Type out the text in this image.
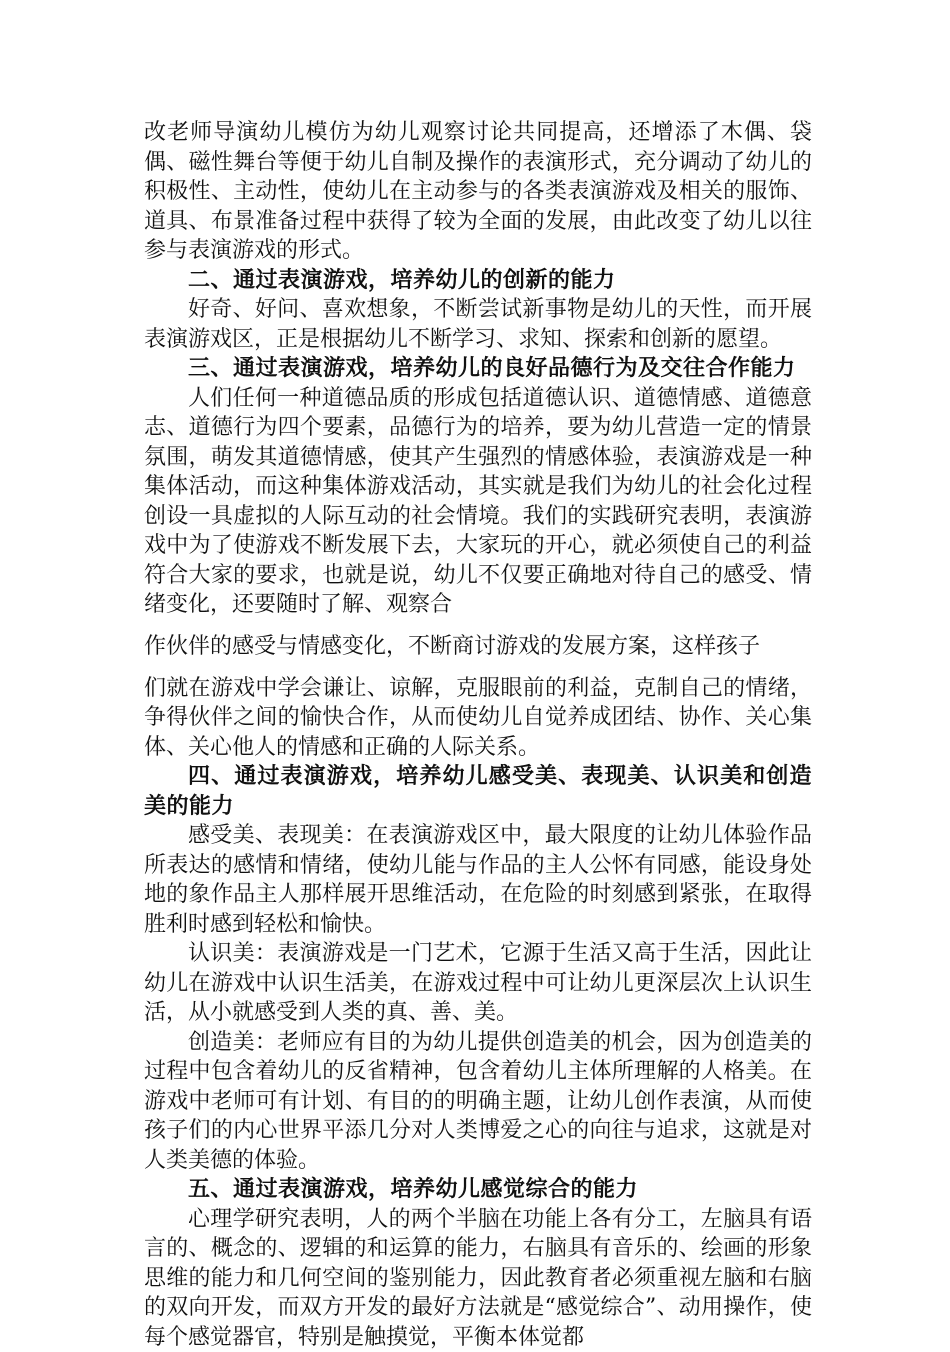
改老师导演幼儿模仿为幼儿观察讨论共同提高，还增添了木偶、袋偶、磁性舞台等便于幼儿自制及操作的表演形式，充分调动了幼儿的积极性、主动性，使幼儿在主动参与的各类表演游戏及相关的服饰、道具、布景准备过程中获得了较为全面的发展，由此改变了幼儿以往参与表演游戏的形式。

二、通过表演游戏，培养幼儿的创新的能力

好奇、好问、喜欢想象，不断尝试新事物是幼儿的天性，而开展表演游戏区，正是根据幼儿不断学习、求知、探索和创新的愿望。

三、通过表演游戏，培养幼儿的良好品德行为及交往合作能力

人们任何一种道德品质的形成包括道德认识、道德情感、道德意志、道德行为四个要素，品德行为的培养，要为幼儿营造一定的情景氛围，萌发其道德情感，使其产生强烈的情感体验，表演游戏是一种集体活动，而这种集体游戏活动，其实就是我们为幼儿的社会化过程创设一具虚拟的人际互动的社会情境。我们的实践研究表明，表演游戏中为了使游戏不断发展下去，大家玩的开心，就必须使自己的利益符合大家的要求，也就是说，幼儿不仅要正确地对待自己的感受、情绪变化，还要随时了解、观察合

作伙伴的感受与情感变化，不断商讨游戏的发展方案，这样孩子

们就在游戏中学会谦让、谅解，克服眼前的利益，克制自己的情绪，争得伙伴之间的愉快合作，从而使幼儿自觉养成团结、协作、关心集体、关心他人的情感和正确的人际关系。

四、通过表演游戏，培养幼儿感受美、表现美、认识美和创造美的能力

感受美、表现美：在表演游戏区中，最大限度的让幼儿体验作品所表达的感情和情绪，使幼儿能与作品的主人公怀有同感，能设身处地的象作品主人那样展开思维活动，在危险的时刻感到紧张，在取得胜利时感到轻松和愉快。

认识美：表演游戏是一门艺术，它源于生活又高于生活，因此让幼儿在游戏中认识生活美，在游戏过程中可让幼儿更深层次上认识生活，从小就感受到人类的真、善、美。

创造美：老师应有目的为幼儿提供创造美的机会，因为创造美的过程中包含着幼儿的反省精神，包含着幼儿主体所理解的人格美。在游戏中老师可有计划、有目的的明确主题，让幼儿创作表演，从而使孩子们的内心世界平添几分对人类博爱之心的向往与追求，这就是对人类美德的体验。

五、通过表演游戏，培养幼儿感觉综合的能力

心理学研究表明，人的两个半脑在功能上各有分工，左脑具有语言的、概念的、逻辑的和运算的能力，右脑具有音乐的、绘画的形象思维的能力和几何空间的鉴别能力，因此教育者必须重视左脑和右脑的双向开发，而双方开发的最好方法就是“感觉综合”、动用操作，使每个感觉器官，特别是触摸觉，平衡本体觉都
